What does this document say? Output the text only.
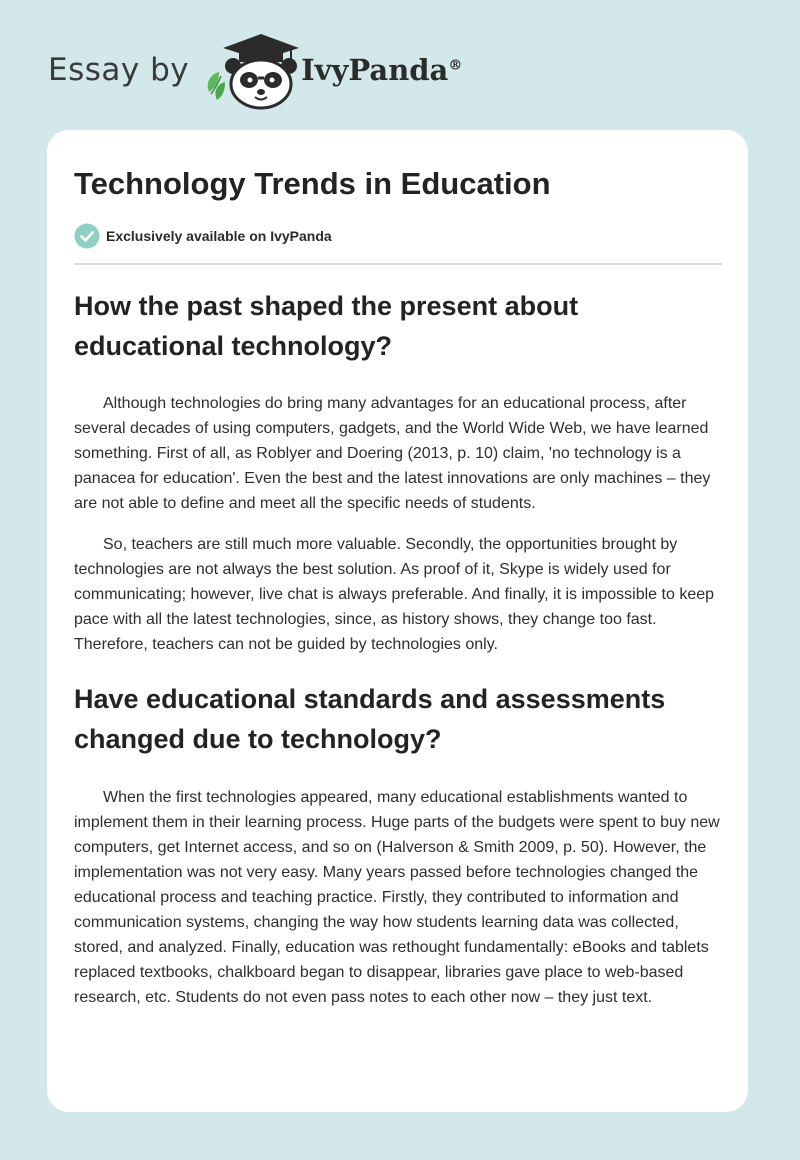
Essay by	IvyPanda®
Technology Trends in Education
Exclusively available on IvyPanda
How the past shaped the present about educational technology?

Although technologies do bring many advantages for an educational process, after several decades of using computers, gadgets, and the World Wide Web, we have learned something. First of all, as Roblyer and Doering (2013, p. 10) claim, 'no technology is a panacea for education'. Even the best and the latest innovations are only machines – they are not able to define and meet all the specific needs of students.

So, teachers are still much more valuable. Secondly, the opportunities brought by technologies are not always the best solution. As proof of it, Skype is widely used for communicating; however, live chat is always preferable. And finally, it is impossible to keep pace with all the latest technologies, since, as history shows, they change too fast. Therefore, teachers can not be guided by technologies only.

Have educational standards and assessments changed due to technology?

When the first technologies appeared, many educational establishments wanted to implement them in their learning process. Huge parts of the budgets were spent to buy new computers, get Internet access, and so on (Halverson & Smith 2009, p. 50). However, the implementation was not very easy. Many years passed before technologies changed the educational process and teaching practice. Firstly, they contributed to information and communication systems, changing the way how students learning data was collected, stored, and analyzed. Finally, education was rethought fundamentally: eBooks and tablets replaced textbooks, chalkboard began to disappear, libraries gave place to web-based research, etc. Students do not even pass notes to each other now – they just text.
